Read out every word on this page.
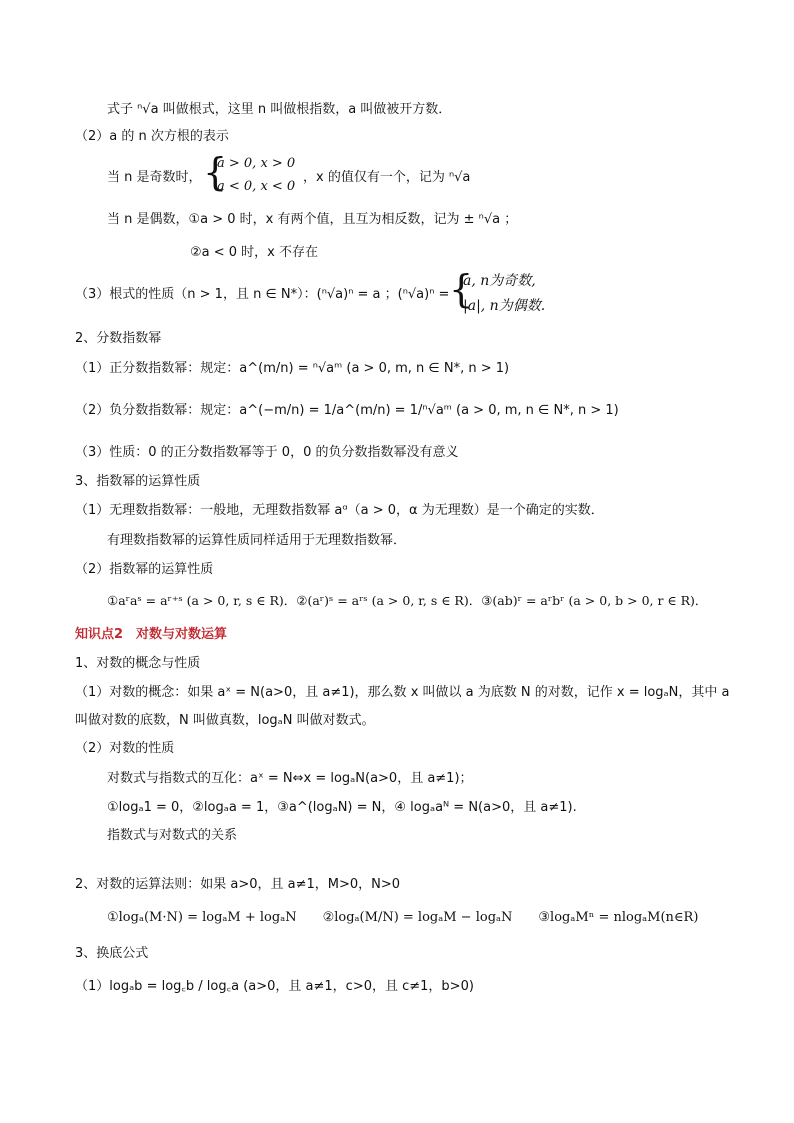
式子 ⁿ√a 叫做根式，这里 n 叫做根指数，a 叫做被开方数．
（2）a 的 n 次方根的表示
当 n 是奇数时， {
a > 0, x > 0
a < 0, x < 0
，x 的值仅有一个，记为 ⁿ√a
当 n 是偶数，①a > 0 时，x 有两个值，且互为相反数，记为 ± ⁿ√a ；
②a < 0 时，x 不存在
（3）根式的性质（n > 1，且 n ∈ N*）：(ⁿ√a)ⁿ = a ；(ⁿ√a)ⁿ = {
a, n为奇数,
|a|, n为偶数.
2、分数指数幂
（1）正分数指数幂：规定：a^(m/n) = ⁿ√aᵐ (a > 0, m, n ∈ N*, n > 1)
（2）负分数指数幂：规定：a^(−m/n) = 1/a^(m/n) = 1/ⁿ√aᵐ (a > 0, m, n ∈ N*, n > 1)
（3）性质：0 的正分数指数幂等于 0，0 的负分数指数幂没有意义
3、指数幂的运算性质
（1）无理数指数幂：一般地，无理数指数幂 aᵅ（a > 0，α 为无理数）是一个确定的实数．
有理数指数幂的运算性质同样适用于无理数指数幂．
（2）指数幂的运算性质
①aʳaˢ = aʳ⁺ˢ (a > 0, r, s ∈ R)．②(aʳ)ˢ = aʳˢ (a > 0, r, s ∈ R)．③(ab)ʳ = aʳbʳ (a > 0, b > 0, r ∈ R)．
知识点2　对数与对数运算
1、对数的概念与性质
（1）对数的概念：如果 aˣ = N(a>0，且 a≠1)，那么数 x 叫做以 a 为底数 N 的对数，记作 x = logₐN，其中 a
叫做对数的底数，N 叫做真数，logₐN 叫做对数式。
（2）对数的性质
对数式与指数式的互化：aˣ = N⇔x = logₐN(a>0，且 a≠1)；
①logₐ1 = 0，②logₐa = 1，③a^(logₐN) = N，④ logₐaᴺ = N(a>0，且 a≠1).
指数式与对数式的关系
2、对数的运算法则：如果 a>0，且 a≠1，M>0，N>0
①logₐ(M·N) = logₐM + logₐN　　②logₐ(M/N) = logₐM − logₐN　　③logₐMⁿ = nlogₐM(n∈R)
3、换底公式
（1）logₐb = log꜀b / log꜀a (a>0，且 a≠1，c>0，且 c≠1，b>0)
